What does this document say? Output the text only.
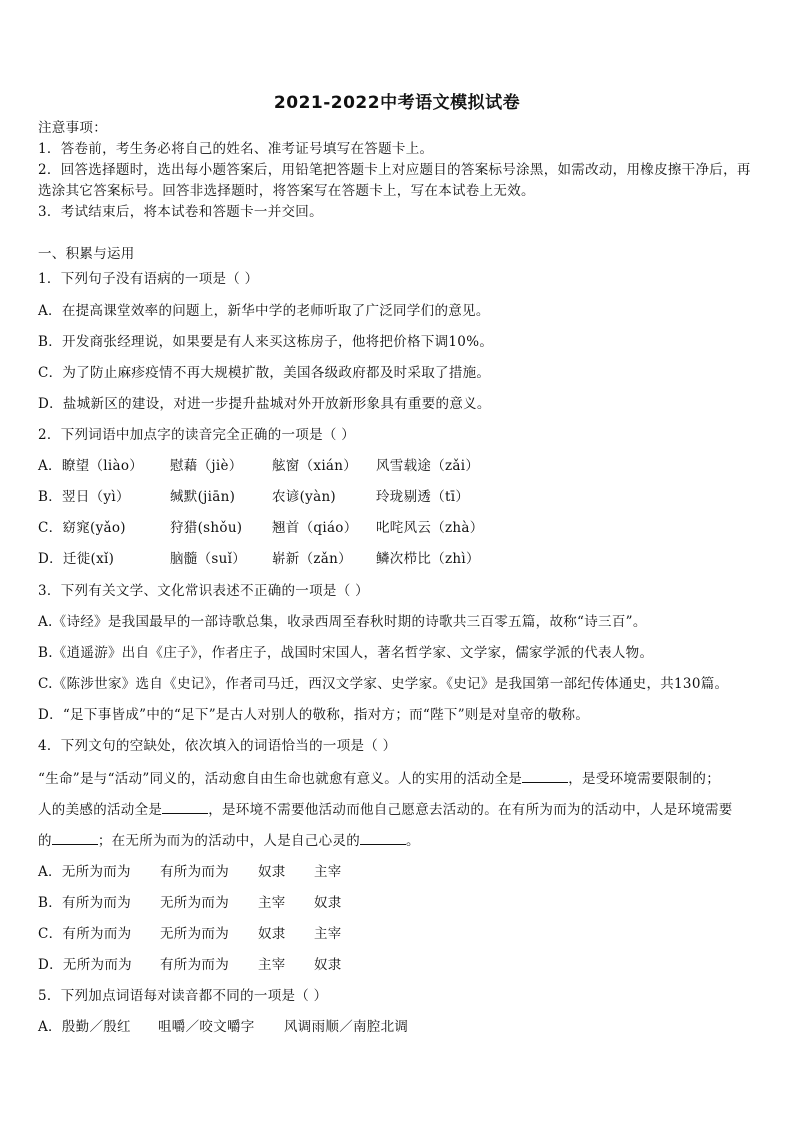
2021-2022中考语文模拟试卷
注意事项：
1．答卷前，考生务必将自己的姓名、准考证号填写在答题卡上。
2．回答选择题时，选出每小题答案后，用铅笔把答题卡上对应题目的答案标号涂黑，如需改动，用橡皮擦干净后，再
选涂其它答案标号。回答非选择题时，将答案写在答题卡上，写在本试卷上无效。
3．考试结束后，将本试卷和答题卡一并交回。
一、积累与运用
1．下列句子没有语病的一项是（ ）
A．在提高课堂效率的问题上，新华中学的老师听取了广泛同学们的意见。
B．开发商张经理说，如果要是有人来买这栋房子，他将把价格下调10%。
C．为了防止麻疹疫情不再大规模扩散，美国各级政府都及时采取了措施。
D．盐城新区的建设，对进一步提升盐城对外开放新形象具有重要的意义。
2．下列词语中加点字的读音完全正确的一项是（ ）
A．瞭望（liào）	慰藉（jiè）	舷窗（xián）	风雪载途（zǎi）
B．翌日（yì）	缄默(jiān)	农谚(yàn)	玲珑剔透（tī）
C．窈窕(yǎo)	狩猎(shǒu)	翘首（qiáo）	叱咤风云（zhà）
D．迁徙(xǐ)	脑髓（suǐ）	崭新（zǎn）	鳞次栉比（zhì）
3．下列有关文学、文化常识表述不正确的一项是（ ）
A.《诗经》是我国最早的一部诗歌总集，收录西周至春秋时期的诗歌共三百零五篇，故称“诗三百”。
B.《逍遥游》出自《庄子》，作者庄子，战国时宋国人，著名哲学家、文学家，儒家学派的代表人物。
C.《陈涉世家》选自《史记》，作者司马迁，西汉文学家、史学家。《史记》是我国第一部纪传体通史，共130篇。
D．“足下事皆成”中的“足下”是古人对别人的敬称，指对方；而“陛下”则是对皇帝的敬称。
4．下列文句的空缺处，依次填入的词语恰当的一项是（ ）
“生命”是与“活动”同义的，活动愈自由生命也就愈有意义。人的实用的活动全是	，是受环境需要限制的；
人的美感的活动全是	，是环境不需要他活动而他自己愿意去活动的。在有所为而为的活动中，人是环境需要
的	；在无所为而为的活动中，人是自己心灵的	。
A．无所为而为	有所为而为	奴隶	主宰
B．有所为而为	无所为而为	主宰	奴隶
C．有所为而为	无所为而为	奴隶	主宰
D．无所为而为	有所为而为	主宰	奴隶
5．下列加点词语每对读音都不同的一项是（ ）
A．殷勤／殷红	咀嚼／咬文嚼字	风调雨顺／南腔北调
